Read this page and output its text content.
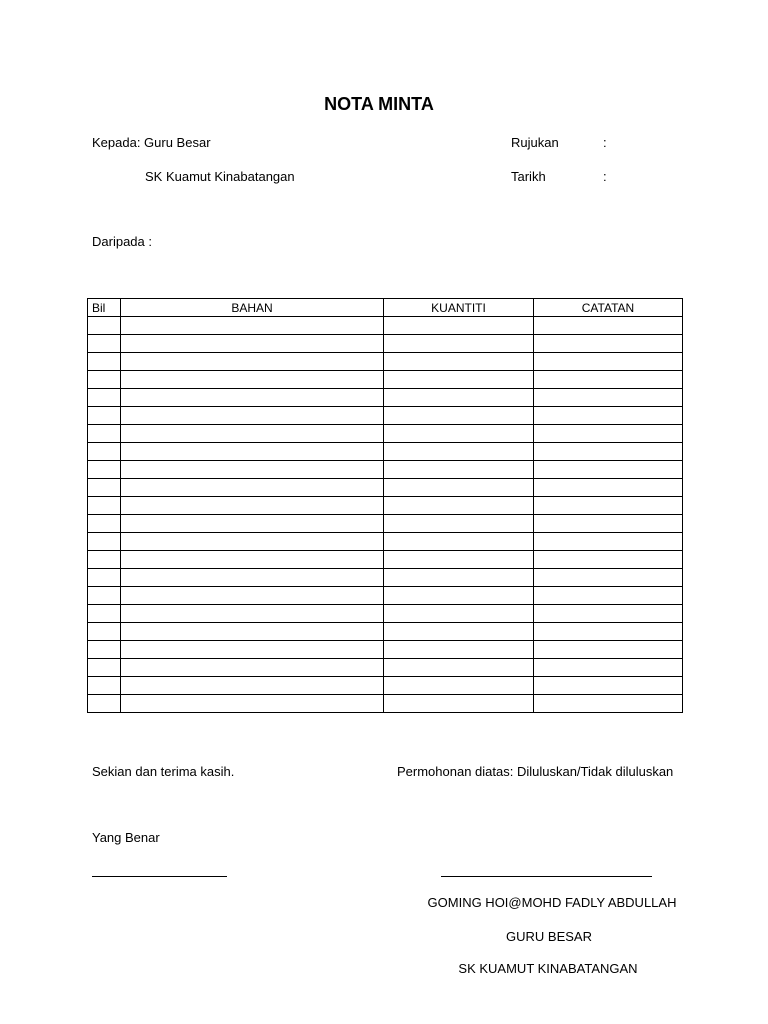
NOTA MINTA
Kepada: Guru Besar
SK Kuamut Kinabatangan
Rujukan	:
Tarikh	:
Daripada :
Bil	BAHAN	KUANTITI	CATATAN

Sekian dan terima kasih.	Permohonan diatas: Diluluskan/Tidak diluluskan
Yang Benar
GOMING HOI@MOHD FADLY ABDULLAH
GURU BESAR
SK KUAMUT KINABATANGAN
